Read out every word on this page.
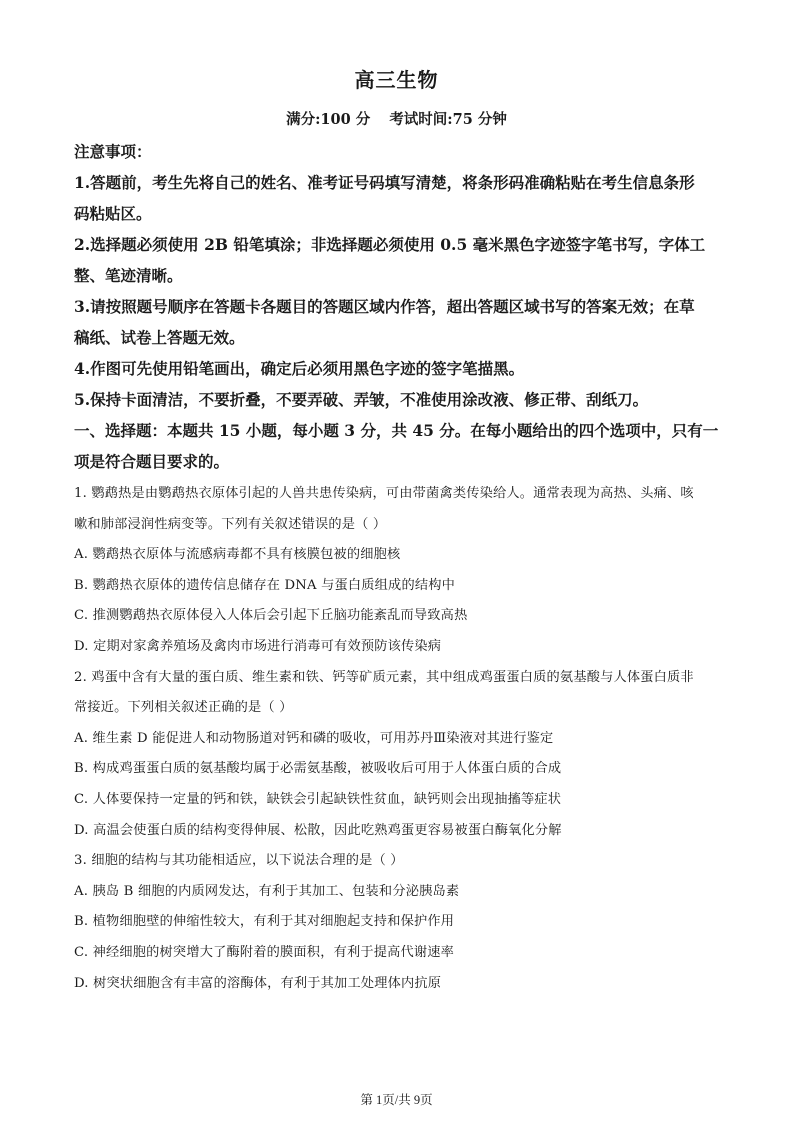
高三生物
满分:100 分 考试时间:75 分钟

注意事项：

1.答题前，考生先将自己的姓名、准考证号码填写清楚，将条形码准确粘贴在考生信息条形

码粘贴区。

2.选择题必须使用 2B 铅笔填涂；非选择题必须使用 0.5 毫米黑色字迹签字笔书写，字体工

整、笔迹清晰。

3.请按照题号顺序在答题卡各题目的答题区域内作答，超出答题区域书写的答案无效；在草

稿纸、试卷上答题无效。

4.作图可先使用铅笔画出，确定后必须用黑色字迹的签字笔描黑。

5.保持卡面清洁，不要折叠，不要弄破、弄皱，不准使用涂改液、修正带、刮纸刀。

一、选择题：本题共 15 小题，每小题 3 分，共 45 分。在每小题给出的四个选项中，只有一

项是符合题目要求的。

1. 鹦鹉热是由鹦鹉热衣原体引起的人兽共患传染病，可由带菌禽类传染给人。通常表现为高热、头痛、咳

嗽和肺部浸润性病变等。下列有关叙述错误的是（ ）

A. 鹦鹉热衣原体与流感病毒都不具有核膜包被的细胞核

B. 鹦鹉热衣原体的遗传信息储存在 DNA 与蛋白质组成的结构中

C. 推测鹦鹉热衣原体侵入人体后会引起下丘脑功能紊乱而导致高热

D. 定期对家禽养殖场及禽肉市场进行消毒可有效预防该传染病

2. 鸡蛋中含有大量的蛋白质、维生素和铁、钙等矿质元素，其中组成鸡蛋蛋白质的氨基酸与人体蛋白质非

常接近。下列相关叙述正确的是（ ）

A. 维生素 D 能促进人和动物肠道对钙和磷的吸收，可用苏丹Ⅲ染液对其进行鉴定

B. 构成鸡蛋蛋白质的氨基酸均属于必需氨基酸，被吸收后可用于人体蛋白质的合成

C. 人体要保持一定量的钙和铁，缺铁会引起缺铁性贫血，缺钙则会出现抽搐等症状

D. 高温会使蛋白质的结构变得伸展、松散，因此吃熟鸡蛋更容易被蛋白酶氧化分解

3. 细胞的结构与其功能相适应，以下说法合理的是（ ）

A. 胰岛 B 细胞的内质网发达，有利于其加工、包装和分泌胰岛素

B. 植物细胞壁的伸缩性较大，有利于其对细胞起支持和保护作用

C. 神经细胞的树突增大了酶附着的膜面积，有利于提高代谢速率

D. 树突状细胞含有丰富的溶酶体，有利于其加工处理体内抗原

第 1页/共 9页
